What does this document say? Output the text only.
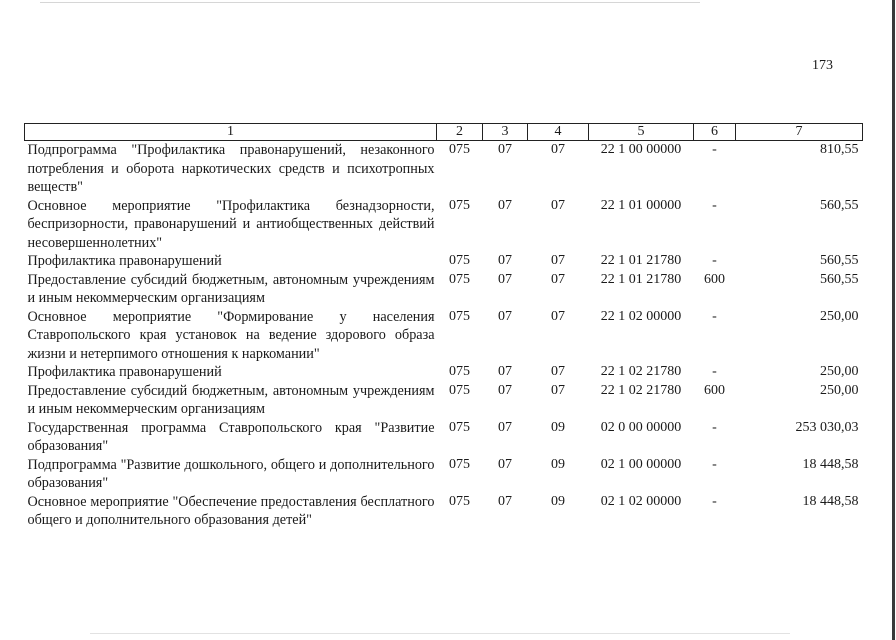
173
1	2	3	4	5	6	7
Подпрограмма "Профилактика правонарушений, незаконного потребления и оборота наркотических средств и психотропных веществ"	075	07	07	22 1 00 00000	-	810,55
Основное мероприятие "Профилактика безнадзорности, беспризорности, правонарушений и антиобщественных действий несовершеннолетних"	075	07	07	22 1 01 00000	-	560,55
Профилактика правонарушений	075	07	07	22 1 01 21780	-	560,55
Предоставление субсидий бюджетным, автономным учреждениям и иным некоммерческим организациям	075	07	07	22 1 01 21780	600	560,55
Основное мероприятие "Формирование у населения Ставропольского края установок на ведение здорового образа жизни и нетерпимого отношения к наркомании"	075	07	07	22 1 02 00000	-	250,00
Профилактика правонарушений	075	07	07	22 1 02 21780	-	250,00
Предоставление субсидий бюджетным, автономным учреждениям и иным некоммерческим организациям	075	07	07	22 1 02 21780	600	250,00
Государственная программа Ставропольского края "Развитие образования"	075	07	09	02 0 00 00000	-	253 030,03
Подпрограмма "Развитие дошкольного, общего и дополнительного образования"	075	07	09	02 1 00 00000	-	18 448,58
Основное мероприятие "Обеспечение предоставления бесплатного общего и дополнительного образования детей"	075	07	09	02 1 02 00000	-	18 448,58
